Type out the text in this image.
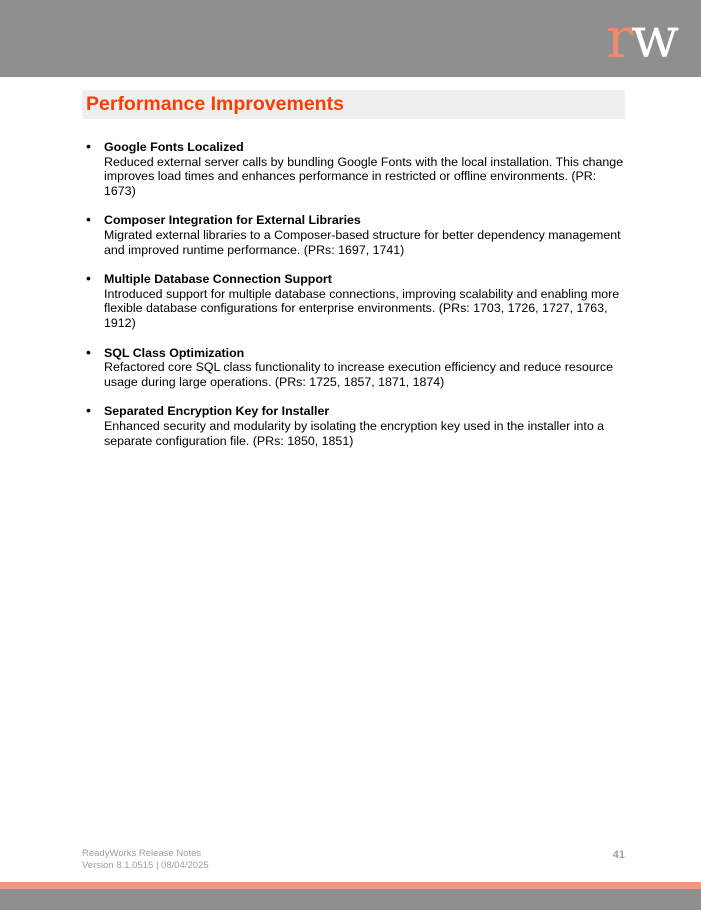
r w
Performance Improvements
• Google Fonts Localized
Reduced external server calls by bundling Google Fonts with the local installation. This change improves load times and enhances performance in restricted or offline environments. (PR: 1673)
• Composer Integration for External Libraries
Migrated external libraries to a Composer-based structure for better dependency management and improved runtime performance. (PRs: 1697, 1741)
• Multiple Database Connection Support
Introduced support for multiple database connections, improving scalability and enabling more flexible database configurations for enterprise environments. (PRs: 1703, 1726, 1727, 1763, 1912)
• SQL Class Optimization
Refactored core SQL class functionality to increase execution efficiency and reduce resource usage during large operations. (PRs: 1725, 1857, 1871, 1874)
• Separated Encryption Key for Installer
Enhanced security and modularity by isolating the encryption key used in the installer into a separate configuration file. (PRs: 1850, 1851)
ReadyWorks Release Notes
Version 8.1.0515 | 08/04/2025
41
